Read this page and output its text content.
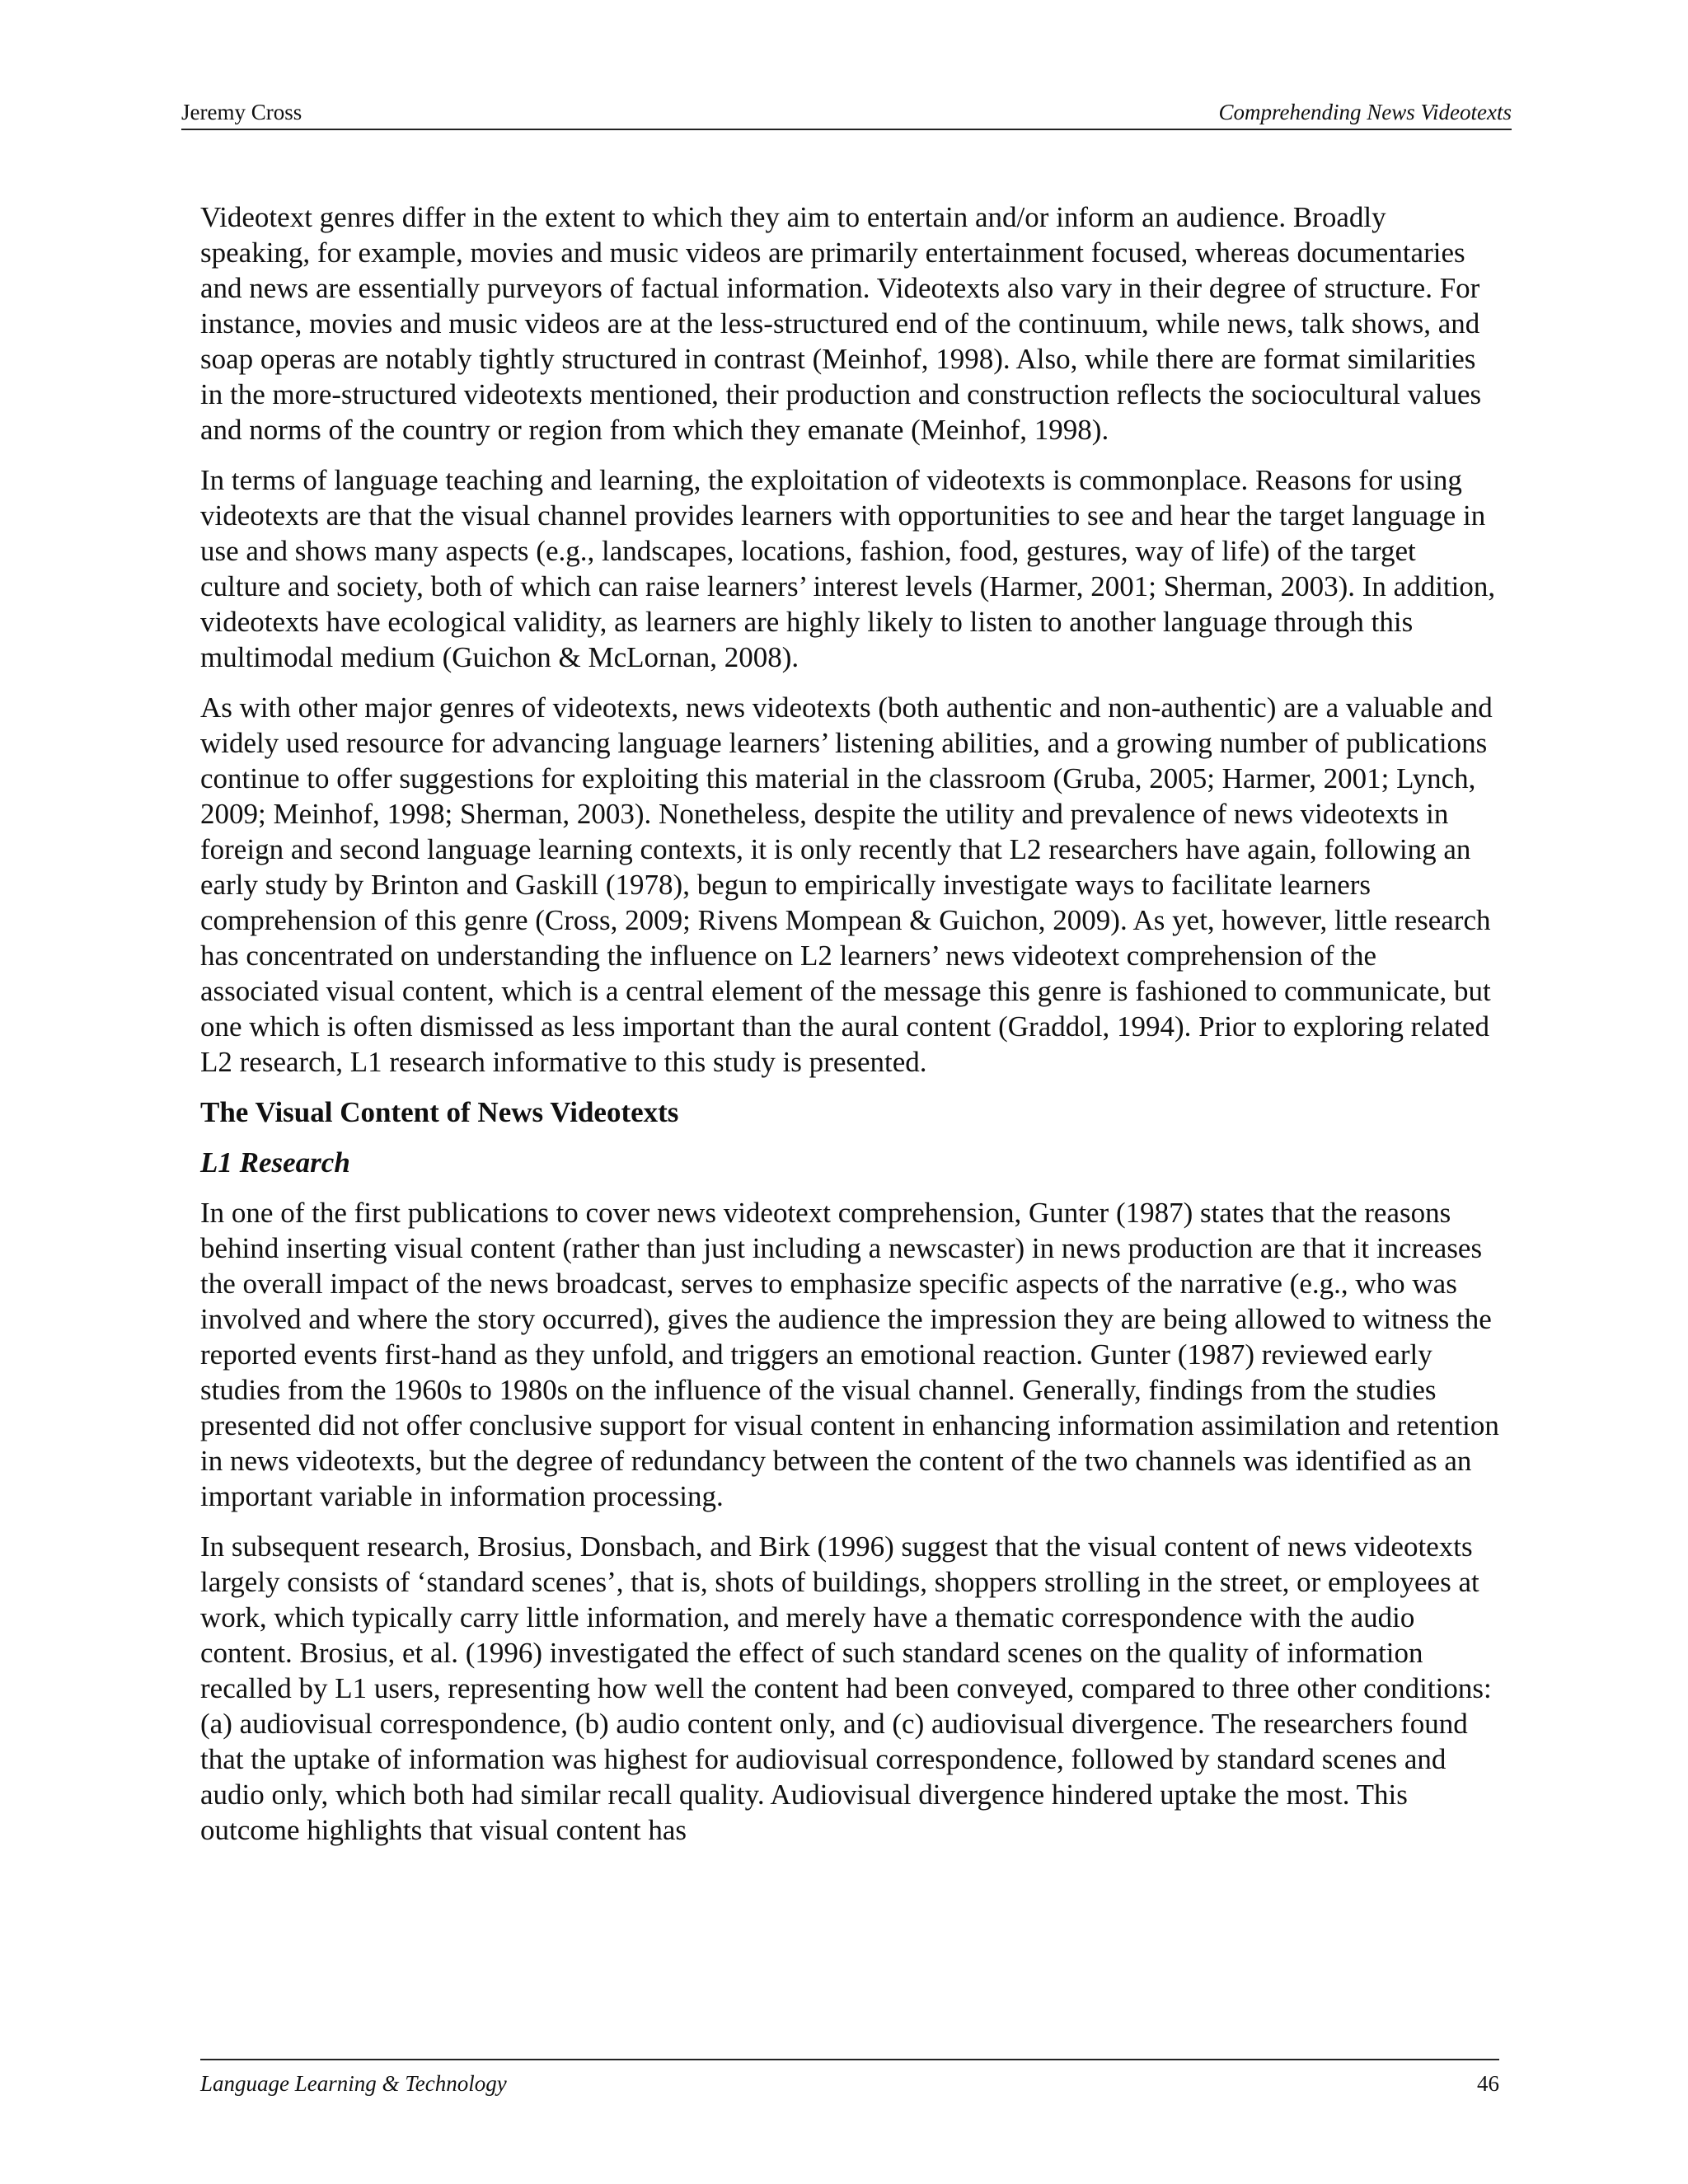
Jeremy Cross	Comprehending News Videotexts

Videotext genres differ in the extent to which they aim to entertain and/or inform an audience. Broadly speaking, for example, movies and music videos are primarily entertainment focused, whereas documentaries and news are essentially purveyors of factual information. Videotexts also vary in their degree of structure. For instance, movies and music videos are at the less-structured end of the continuum, while news, talk shows, and soap operas are notably tightly structured in contrast (Meinhof, 1998). Also, while there are format similarities in the more-structured videotexts mentioned, their production and construction reflects the sociocultural values and norms of the country or region from which they emanate (Meinhof, 1998).

In terms of language teaching and learning, the exploitation of videotexts is commonplace. Reasons for using videotexts are that the visual channel provides learners with opportunities to see and hear the target language in use and shows many aspects (e.g., landscapes, locations, fashion, food, gestures, way of life) of the target culture and society, both of which can raise learners’ interest levels (Harmer, 2001; Sherman, 2003). In addition, videotexts have ecological validity, as learners are highly likely to listen to another language through this multimodal medium (Guichon & McLornan, 2008).

As with other major genres of videotexts, news videotexts (both authentic and non-authentic) are a valuable and widely used resource for advancing language learners’ listening abilities, and a growing number of publications continue to offer suggestions for exploiting this material in the classroom (Gruba, 2005; Harmer, 2001; Lynch, 2009; Meinhof, 1998; Sherman, 2003). Nonetheless, despite the utility and prevalence of news videotexts in foreign and second language learning contexts, it is only recently that L2 researchers have again, following an early study by Brinton and Gaskill (1978), begun to empirically investigate ways to facilitate learners comprehension of this genre (Cross, 2009; Rivens Mompean & Guichon, 2009). As yet, however, little research has concentrated on understanding the influence on L2 learners’ news videotext comprehension of the associated visual content, which is a central element of the message this genre is fashioned to communicate, but one which is often dismissed as less important than the aural content (Graddol, 1994). Prior to exploring related L2 research, L1 research informative to this study is presented.

The Visual Content of News Videotexts
L1 Research

In one of the first publications to cover news videotext comprehension, Gunter (1987) states that the reasons behind inserting visual content (rather than just including a newscaster) in news production are that it increases the overall impact of the news broadcast, serves to emphasize specific aspects of the narrative (e.g., who was involved and where the story occurred), gives the audience the impression they are being allowed to witness the reported events first-hand as they unfold, and triggers an emotional reaction. Gunter (1987) reviewed early studies from the 1960s to 1980s on the influence of the visual channel. Generally, findings from the studies presented did not offer conclusive support for visual content in enhancing information assimilation and retention in news videotexts, but the degree of redundancy between the content of the two channels was identified as an important variable in information processing.

In subsequent research, Brosius, Donsbach, and Birk (1996) suggest that the visual content of news videotexts largely consists of ‘standard scenes’, that is, shots of buildings, shoppers strolling in the street, or employees at work, which typically carry little information, and merely have a thematic correspondence with the audio content. Brosius, et al. (1996) investigated the effect of such standard scenes on the quality of information recalled by L1 users, representing how well the content had been conveyed, compared to three other conditions: (a) audiovisual correspondence, (b) audio content only, and (c) audiovisual divergence. The researchers found that the uptake of information was highest for audiovisual correspondence, followed by standard scenes and audio only, which both had similar recall quality. Audiovisual divergence hindered uptake the most. This outcome highlights that visual content has

Language Learning & Technology	46
